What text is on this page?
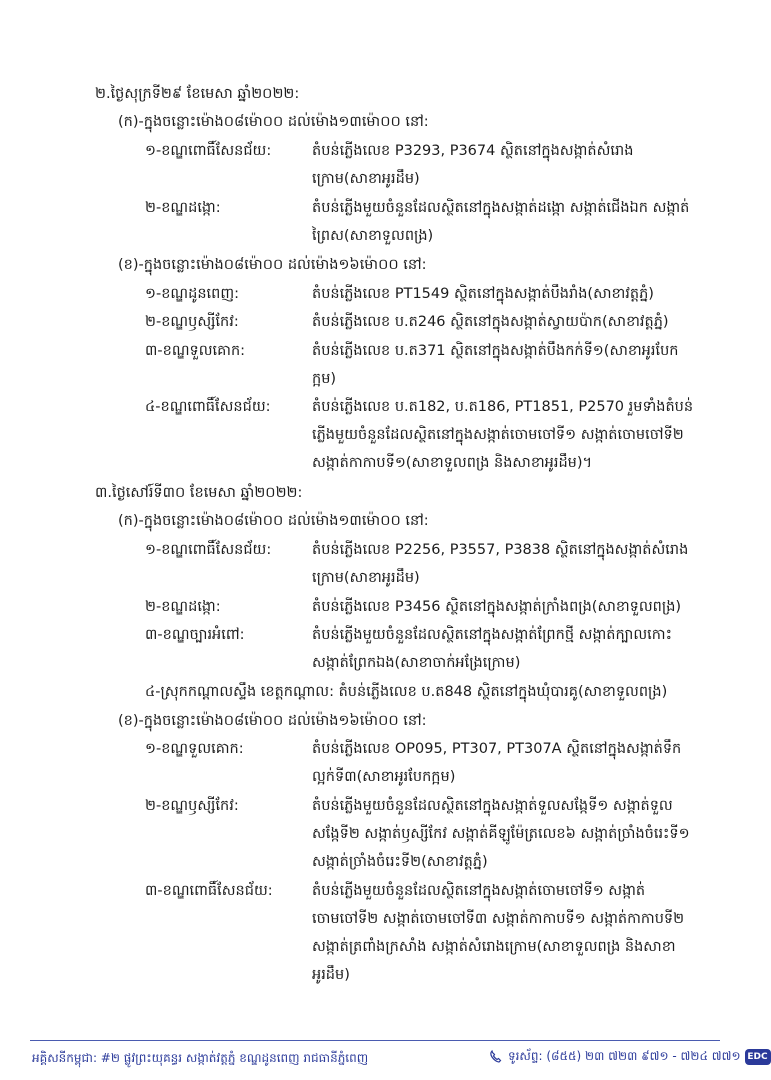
២.ថ្ងៃសុក្រទី២៩ ខែមេសា ឆ្នាំ២០២២:
(ក)-ក្នុងចន្លោះម៉ោង០៨ម៉ោ០០ ដល់ម៉ោង១៣ម៉ោ០០ នៅ:
១-ខណ្ឌពោធិ៍សែនជ័យ:	តំបន់ភ្លើងលេខ P3293, P3674 ស្ថិតនៅក្នុងសង្កាត់សំរោងក្រោម(សាខាអូរដឹម)
២-ខណ្ឌដង្កោ:	តំបន់ភ្លើងមួយចំនួនដែលស្ថិតនៅក្នុងសង្កាត់ដង្កោ សង្កាត់ជើងឯក សង្កាត់ព្រៃស(សាខាទួលពង្រ)
(ខ)-ក្នុងចន្លោះម៉ោង០៨ម៉ោ០០ ដល់ម៉ោង១៦ម៉ោ០០ នៅ:
១-ខណ្ឌដូនពេញ:	តំបន់ភ្លើងលេខ PT1549 ស្ថិតនៅក្នុងសង្កាត់បឹងរាំង(សាខាវត្តភ្នំ)
២-ខណ្ឌឫស្សីកែវ:	តំបន់ភ្លើងលេខ ប.ត246 ស្ថិតនៅក្នុងសង្កាត់ស្វាយប៉ាក(សាខាវត្តភ្នំ)
៣-ខណ្ឌទួលគោក:	តំបន់ភ្លើងលេខ ប.ត371 ស្ថិតនៅក្នុងសង្កាត់បឹងកក់ទី១(សាខាអូរបែកក្អម)
៤-ខណ្ឌពោធិ៍សែនជ័យ:	តំបន់ភ្លើងលេខ ប.ត182, ប.ត186, PT1851, P2570 រួមទាំងតំបន់ភ្លើងមួយចំនួនដែលស្ថិតនៅក្នុងសង្កាត់ចោមចៅទី១ សង្កាត់ចោមចៅទី២ សង្កាត់កាកាបទី១(សាខាទួលពង្រ និងសាខាអូរដឹម)។
៣.ថ្ងៃសៅរ៍ទី៣០ ខែមេសា ឆ្នាំ២០២២:
(ក)-ក្នុងចន្លោះម៉ោង០៨ម៉ោ០០ ដល់ម៉ោង១៣ម៉ោ០០ នៅ:
១-ខណ្ឌពោធិ៍សែនជ័យ:	តំបន់ភ្លើងលេខ P2256, P3557, P3838 ស្ថិតនៅក្នុងសង្កាត់សំរោងក្រោម(សាខាអូរដឹម)
២-ខណ្ឌដង្កោ:	តំបន់ភ្លើងលេខ P3456 ស្ថិតនៅក្នុងសង្កាត់ក្រាំងពង្រ(សាខាទួលពង្រ)
៣-ខណ្ឌច្បារអំពៅ:	តំបន់ភ្លើងមួយចំនួនដែលស្ថិតនៅក្នុងសង្កាត់ព្រែកថ្មី សង្កាត់ក្បាលកោះ សង្កាត់ព្រែកឯង(សាខាចាក់អង្រែក្រោម)
៤-ស្រុកកណ្ដាលស្ទឹង ខេត្តកណ្ដាល: តំបន់ភ្លើងលេខ ប.ត848 ស្ថិតនៅក្នុងឃុំបារគូ(សាខាទួលពង្រ)
(ខ)-ក្នុងចន្លោះម៉ោង០៨ម៉ោ០០ ដល់ម៉ោង១៦ម៉ោ០០ នៅ:
១-ខណ្ឌទួលគោក:	តំបន់ភ្លើងលេខ OP095, PT307, PT307A ស្ថិតនៅក្នុងសង្កាត់ទឹកល្អក់ទី៣(សាខាអូរបែកក្អម)
២-ខណ្ឌឫស្សីកែវ:	តំបន់ភ្លើងមួយចំនួនដែលស្ថិតនៅក្នុងសង្កាត់ទួលសង្កែទី១ សង្កាត់ទួលសង្កែទី២ សង្កាត់ឫស្សីកែវ សង្កាត់គីឡូម៉ែត្រលេខ៦ សង្កាត់ច្រាំងចំរេះទី១ សង្កាត់ច្រាំងចំរេះទី២(សាខាវត្តភ្នំ)
៣-ខណ្ឌពោធិ៍សែនជ័យ:	តំបន់ភ្លើងមួយចំនួនដែលស្ថិតនៅក្នុងសង្កាត់ចោមចៅទី១ សង្កាត់ចោមចៅទី២ សង្កាត់ចោមចៅទី៣ សង្កាត់កាកាបទី១ សង្កាត់កាកាបទី២ សង្កាត់ត្រពាំងក្រសាំង សង្កាត់សំរោងក្រោម(សាខាទួលពង្រ និងសាខាអូរដឹម)
អគ្គិសនីកម្ពុជា: #២ ផ្លូវព្រះយុគន្ធរ សង្កាត់វត្តភ្នំ ខណ្ឌដូនពេញ រាជធានីភ្នំពេញ	ទូរស័ព្ទ: (៨៥៥) ២៣ ៧២៣ ៩៧១ - ៧២៤ ៧៧១ EDC
